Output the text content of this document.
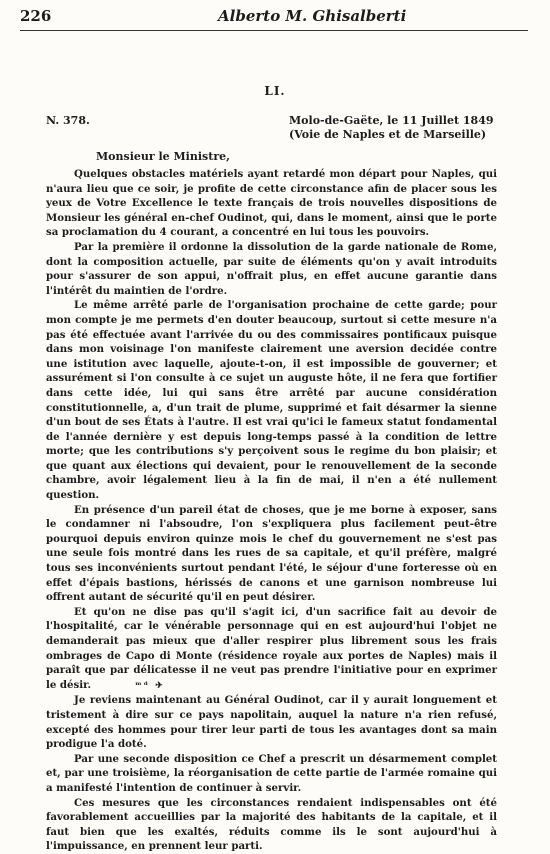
226	Alberto M. Ghisalberti
LI.
N. 378.	Molo-de-Gaëte, le 11 Juillet 1849
(Voie de Naples et de Marseille)
Monsieur le Ministre,

Quelques obstacles matériels ayant retardé mon départ pour Naples, qui n'aura lieu que ce soir, je profite de cette circonstance afin de placer sous les yeux de Votre Excellence le texte français de trois nouvelles dispositions de Monsieur les général en-chef Oudinot, qui, dans le moment, ainsi que le porte sa proclamation du 4 courant, a concentré en lui tous les pouvoirs.

Par la première il ordonne la dissolution de la garde nationale de Rome, dont la composition actuelle, par suite de éléments qu'on y avait introduits pour s'assurer de son appui, n'offrait plus, en effet aucune garantie dans l'intérêt du maintien de l'ordre.

Le même arrêté parle de l'organisation prochaine de cette garde; pour mon compte je me permets d'en douter beaucoup, surtout si cette mesure n'a pas été effectuée avant l'arrivée du ou des commissaires pontificaux puisque dans mon voisinage l'on manifeste clairement une aversion decidée contre une istitution avec laquelle, ajoute-t-on, il est impossible de gouverner; et assurément si l'on consulte à ce sujet un auguste hôte, il ne fera que fortifier dans cette idée, lui qui sans être arrêté par aucune considération constitutionnelle, a, d'un trait de plume, supprimé et fait désarmer la sienne d'un bout de ses États à l'autre. Il est vrai qu'ici le fameux statut fondamental de l'année dernière y est depuis long-temps passé à la condition de lettre morte; que les contributions s'y perçoivent sous le regime du bon plaisir; et que quant aux élections qui devaient, pour le renouvellement de la seconde chambre, avoir légalement lieu à la fin de mai, il n'en a été nullement question.

En présence d'un pareil état de choses, que je me borne à exposer, sans le condamner ni l'absoudre, l'on s'expliquera plus facilement peut-être pourquoi depuis environ quinze mois le chef du gouvernement ne s'est pas une seule fois montré dans les rues de sa capitale, et qu'il préfère, malgré tous ses inconvénients surtout pendant l'été, le séjour d'une forteresse où en effet d'épais bastions, hérissés de canons et une garnison nombreuse lui offrent autant de sécurité qu'il en peut désirer.

Et qu'on ne dise pas qu'il s'agit ici, d'un sacrifice fait au devoir de l'hospitalité, car le vénérable personnage qui en est aujourd'hui l'objet ne demanderait pas mieux que d'aller respirer plus librement sous les frais ombrages de Capo di Monte (résidence royale aux portes de Naples) mais il paraît que par délicatesse il ne veut pas prendre l'initiative pour en exprimer le désir.	ᵐᵈ ✈

Je reviens maintenant au Général Oudinot, car il y aurait longuement et tristement à dire sur ce pays napolitain, auquel la nature n'a rien refusé, excepté des hommes pour tirer leur parti de tous les avantages dont sa main prodigue l'a doté.

Par une seconde disposition ce Chef a prescrit un désarmement complet et, par une troisième, la réorganisation de cette partie de l'armée romaine qui a manifesté l'intention de continuer à servir.

Ces mesures que les circonstances rendaient indispensables ont été favorablement accueillies par la majorité des habitants de la capitale, et il faut bien que les exaltés, réduits comme ils le sont aujourd'hui à l'impuissance, en prennent leur parti.
